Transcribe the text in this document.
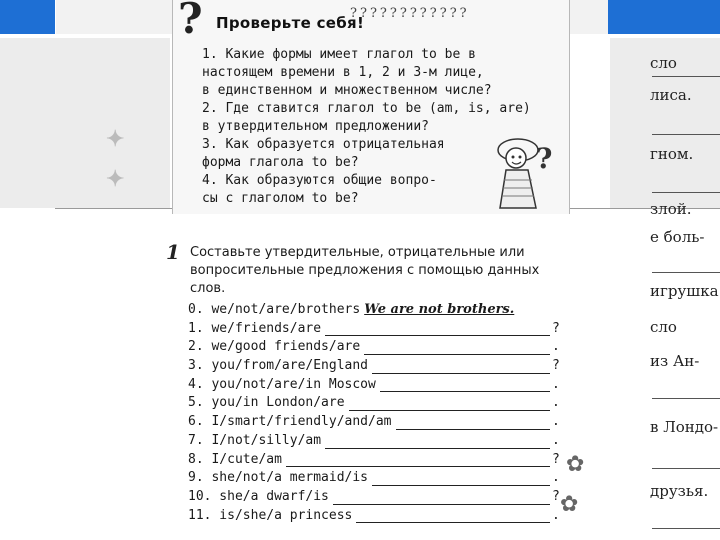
✦
✦
? Проверьте себя!
?‌?‌?‌?‌?‌?‌?‌?‌?‌?‌?‌?

1. Какие формы имеет глагол to be в

настоящем времени в 1, 2 и 3-м лице,

в единственном и множественном числе?

2. Где ставится глагол to be (am, is, are)

в утвердительном предложении?

3. Как образуется отрицательная

форма глагола to be?

4. Как образуются общие вопро-

сы с глаголом to be?

?
1 Составьте утвердительные, отрицательные или вопросительные предложения с помощью данных слов.
0. we/not/are/brothers We are not brothers.
1. we/friends/are	?
2. we/good friends/are	.
3. you/from/are/England	?
4. you/not/are/in Moscow	.
5. you/in London/are	.
6. I/smart/friendly/and/am	.
7. I/not/silly/am	.
8. I/cute/am	?
9. she/not/a mermaid/is	.
10. she/a dwarf/is	?
11. is/she/a princess	.
✿
✿
сло
лиса.
гном.
злой.
е боль-
игрушка
сло
из Ан-
в Лондо-
друзья.
